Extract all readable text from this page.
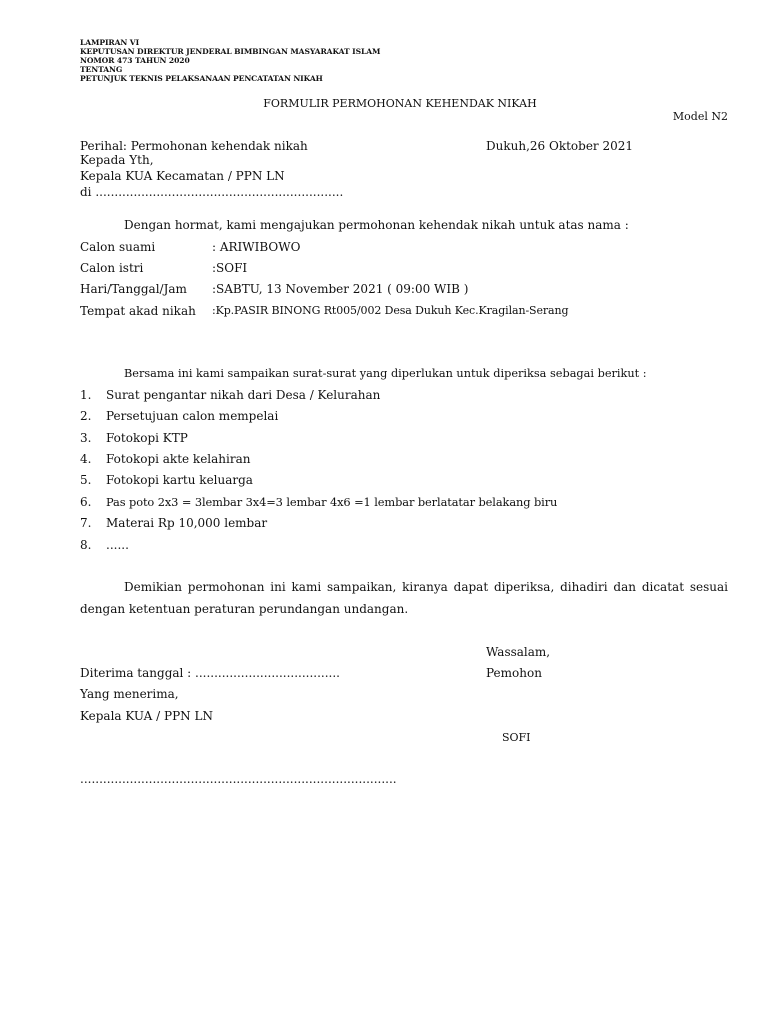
LAMPIRAN VI
KEPUTUSAN DIREKTUR JENDERAL BIMBINGAN MASYARAKAT ISLAM
NOMOR 473 TAHUN 2020
TENTANG
PETUNJUK TEKNIS PELAKSANAAN PENCATATAN NIKAH
FORMULIR PERMOHONAN KEHENDAK NIKAH
Model N2
Perihal: Permohonan kehendak nikah	Dukuh,26 Oktober 2021
Kepada Yth,
Kepala KUA Kecamatan / PPN LN
di .................................................................
Dengan hormat, kami mengajukan permohonan kehendak nikah untuk atas nama :
Calon suami	: ARIWIBOWO
Calon istri	:SOFI
Hari/Tanggal/Jam :SABTU, 13 November 2021 ( 09:00 WIB )
Tempat akad nikah :Kp.PASIR BINONG Rt005/002 Desa Dukuh Kec.Kragilan-Serang
Bersama ini kami sampaikan surat-surat yang diperlukan untuk diperiksa sebagai berikut :
1. Surat pengantar nikah dari Desa / Kelurahan
2. Persetujuan calon mempelai
3. Fotokopi KTP
4. Fotokopi akte kelahiran
5. Fotokopi kartu keluarga
6. Pas poto 2x3 = 3lembar 3x4=3 lembar 4x6 =1 lembar berlatatar belakang biru
7. Materai Rp 10,000 lembar
8. ......
Demikian permohonan ini kami sampaikan, kiranya dapat diperiksa, dihadiri dan dicatat sesuai dengan ketentuan peraturan perundangan undangan.
Wassalam,
Diterima tanggal : ......................................	Pemohon
Yang menerima,
Kepala KUA / PPN LN
SOFI
...................................................................................
